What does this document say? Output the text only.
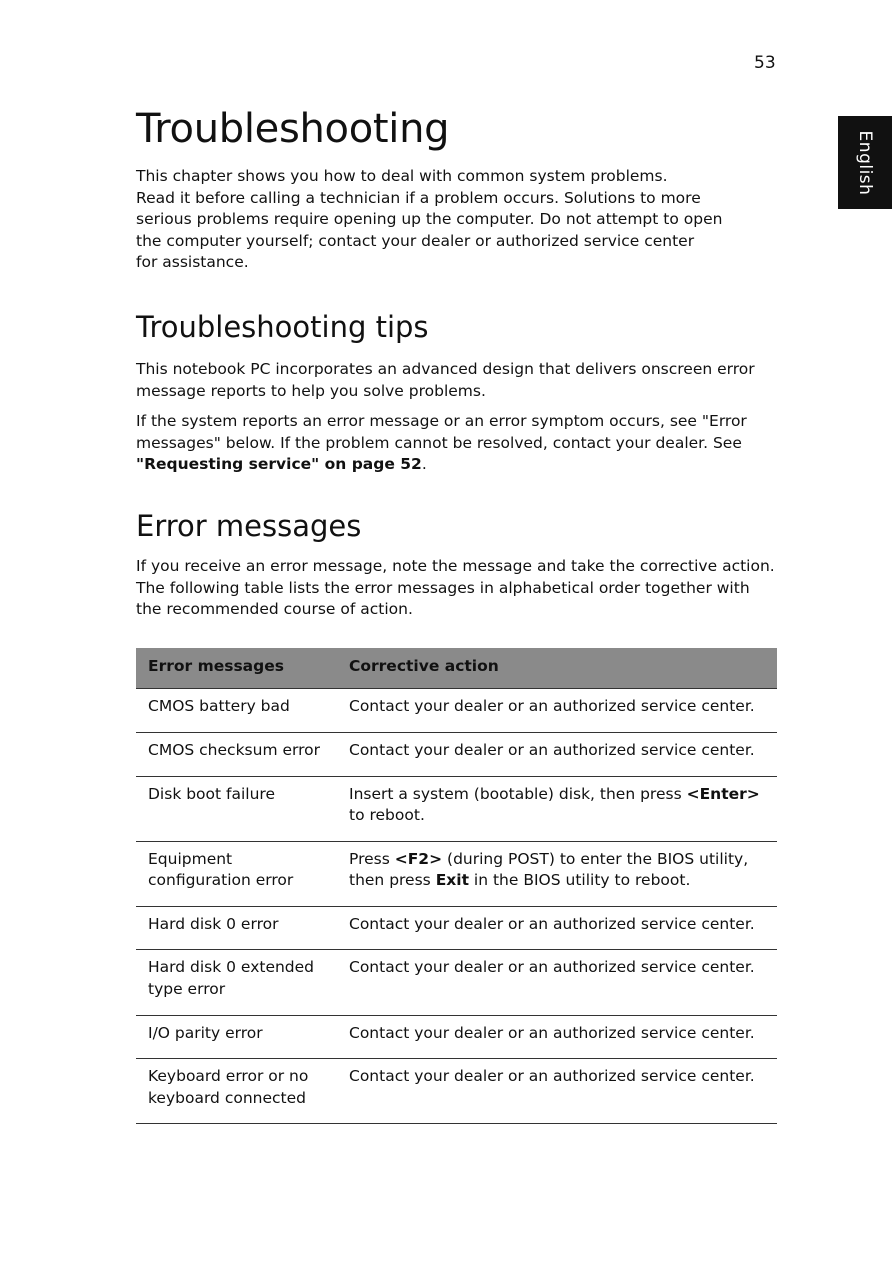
53
English
Troubleshooting

This chapter shows you how to deal with common system problems.
Read it before calling a technician if a problem occurs. Solutions to more
serious problems require opening up the computer. Do not attempt to open
the computer yourself; contact your dealer or authorized service center
for assistance.

Troubleshooting tips

This notebook PC incorporates an advanced design that delivers onscreen error message reports to help you solve problems.

If the system reports an error message or an error symptom occurs, see "Error messages" below. If the problem cannot be resolved, contact your dealer. See "Requesting service" on page 52.

Error messages

If you receive an error message, note the message and take the corrective action. The following table lists the error messages in alphabetical order together with the recommended course of action.

Error messages	Corrective action
CMOS battery bad	Contact your dealer or an authorized service center.
CMOS checksum error	Contact your dealer or an authorized service center.
Disk boot failure	Insert a system (bootable) disk, then press <Enter> to reboot.
Equipment configuration error	Press <F2> (during POST) to enter the BIOS utility, then press Exit in the BIOS utility to reboot.
Hard disk 0 error	Contact your dealer or an authorized service center.
Hard disk 0 extended type error	Contact your dealer or an authorized service center.
I/O parity error	Contact your dealer or an authorized service center.
Keyboard error or no keyboard connected	Contact your dealer or an authorized service center.
